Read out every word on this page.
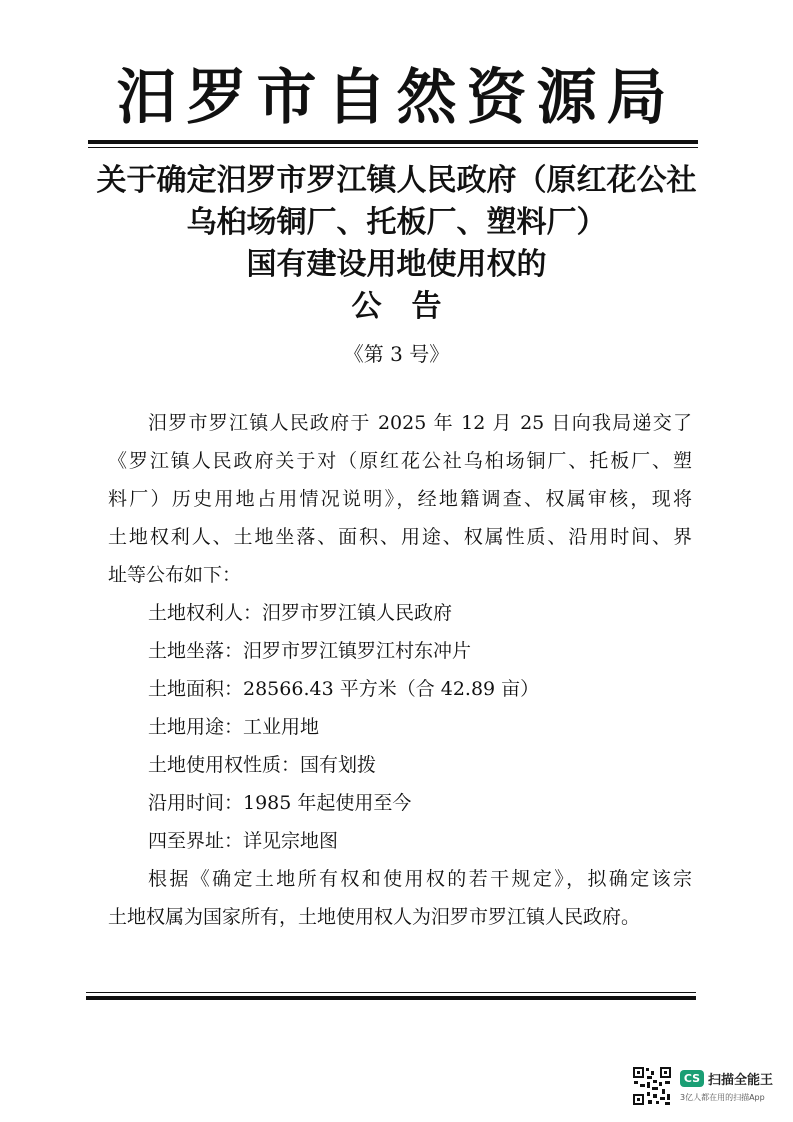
汨罗市自然资源局
关于确定汨罗市罗江镇人民政府（原红花公社
乌桕场铜厂、托板厂、塑料厂）
国有建设用地使用权的
公告
《第 3 号》
汨罗市罗江镇人民政府于 2025 年 12 月 25 日向我局递交了
《罗江镇人民政府关于对（原红花公社乌桕场铜厂、托板厂、塑
料厂）历史用地占用情况说明》，经地籍调查、权属审核，现将
土地权利人、土地坐落、面积、用途、权属性质、沿用时间、界
址等公布如下：
土地权利人：汨罗市罗江镇人民政府
土地坐落：汨罗市罗江镇罗江村东冲片
土地面积：28566.43 平方米（合 42.89 亩）
土地用途：工业用地
土地使用权性质：国有划拨
沿用时间：1985 年起使用至今
四至界址：详见宗地图
根据《确定土地所有权和使用权的若干规定》，拟确定该宗
土地权属为国家所有，土地使用权人为汨罗市罗江镇人民政府。
CS 扫描全能王
3亿人都在用的扫描App
